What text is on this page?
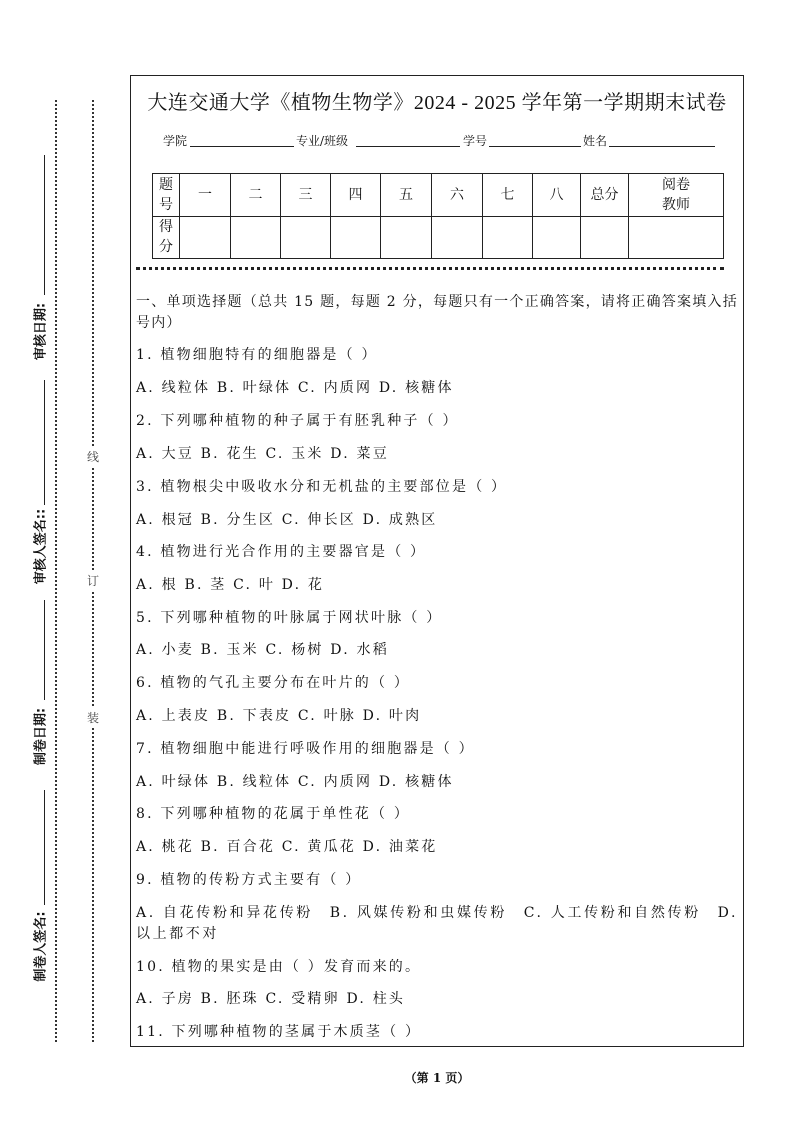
线
订
装
审核日期:
审核人签名::
制卷日期:
制卷人签名:
大连交通大学《植物生物学》2024 - 2025 学年第一学期期末试卷
学院	专业/班级	学号	姓名
题号	一	二	三	四	五	六	七	八	总分	阅卷教师
得分										
一、单项选择题（总共 15 题，每题 2 分，每题只有一个正确答案，请将正确答案填入括号内）
1. 植物细胞特有的细胞器是（ ）
A. 线粒体 B. 叶绿体 C. 内质网 D. 核糖体
2. 下列哪种植物的种子属于有胚乳种子（ ）
A. 大豆 B. 花生 C. 玉米 D. 菜豆
3. 植物根尖中吸收水分和无机盐的主要部位是（ ）
A. 根冠 B. 分生区 C. 伸长区 D. 成熟区
4. 植物进行光合作用的主要器官是（ ）
A. 根 B. 茎 C. 叶 D. 花
5. 下列哪种植物的叶脉属于网状叶脉（ ）
A. 小麦 B. 玉米 C. 杨树 D. 水稻
6. 植物的气孔主要分布在叶片的（ ）
A. 上表皮 B. 下表皮 C. 叶脉 D. 叶肉
7. 植物细胞中能进行呼吸作用的细胞器是（ ）
A. 叶绿体 B. 线粒体 C. 内质网 D. 核糖体
8. 下列哪种植物的花属于单性花（ ）
A. 桃花 B. 百合花 C. 黄瓜花 D. 油菜花
9. 植物的传粉方式主要有（ ）
A. 自花传粉和异花传粉　B. 风媒传粉和虫媒传粉　C. 人工传粉和自然传粉　D. 以上都不对
10. 植物的果实是由（ ）发育而来的。
A. 子房 B. 胚珠 C. 受精卵 D. 柱头
11. 下列哪种植物的茎属于木质茎（ ）
（第 1 页）
